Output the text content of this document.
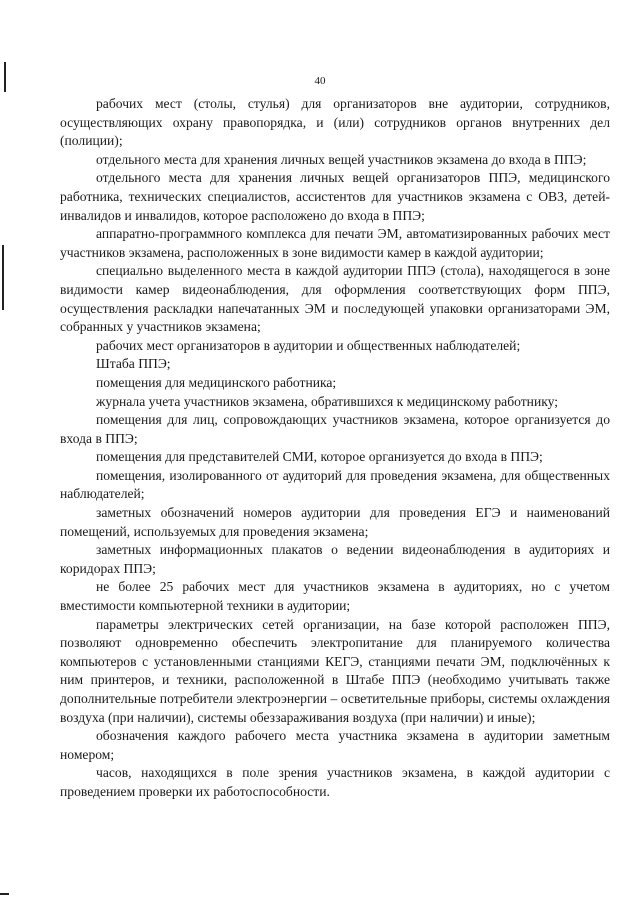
40

рабочих мест (столы, стулья) для организаторов вне аудитории, сотрудников, осуществляющих охрану правопорядка, и (или) сотрудников органов внутренних дел (полиции);

отдельного места для хранения личных вещей участников экзамена до входа в ППЭ;

отдельного места для хранения личных вещей организаторов ППЭ, медицинского работника, технических специалистов, ассистентов для участников экзамена с ОВЗ, детей-инвалидов и инвалидов, которое расположено до входа в ППЭ;

аппаратно-программного комплекса для печати ЭМ, автоматизированных рабочих мест участников экзамена, расположенных в зоне видимости камер в каждой аудитории;

специально выделенного места в каждой аудитории ППЭ (стола), находящегося в зоне видимости камер видеонаблюдения, для оформления соответствующих форм ППЭ, осуществления раскладки напечатанных ЭМ и последующей упаковки организаторами ЭМ, собранных у участников экзамена;

рабочих мест организаторов в аудитории и общественных наблюдателей;

Штаба ППЭ;

помещения для медицинского работника;

журнала учета участников экзамена, обратившихся к медицинскому работнику;

помещения для лиц, сопровождающих участников экзамена, которое организуется до входа в ППЭ;

помещения для представителей СМИ, которое организуется до входа в ППЭ;

помещения, изолированного от аудиторий для проведения экзамена, для общественных наблюдателей;

заметных обозначений номеров аудитории для проведения ЕГЭ и наименований помещений, используемых для проведения экзамена;

заметных информационных плакатов о ведении видеонаблюдения в аудиториях и коридорах ППЭ;

не более 25 рабочих мест для участников экзамена в аудиториях, но с учетом вместимости компьютерной техники в аудитории;

параметры электрических сетей организации, на базе которой расположен ППЭ, позволяют одновременно обеспечить электропитание для планируемого количества компьютеров с установленными станциями КЕГЭ, станциями печати ЭМ, подключённых к ним принтеров, и техники, расположенной в Штабе ППЭ (необходимо учитывать также дополнительные потребители электроэнергии – осветительные приборы, системы охлаждения воздуха (при наличии), системы обеззараживания воздуха (при наличии) и иные);

обозначения каждого рабочего места участника экзамена в аудитории заметным номером;

часов, находящихся в поле зрения участников экзамена, в каждой аудитории с проведением проверки их работоспособности.
